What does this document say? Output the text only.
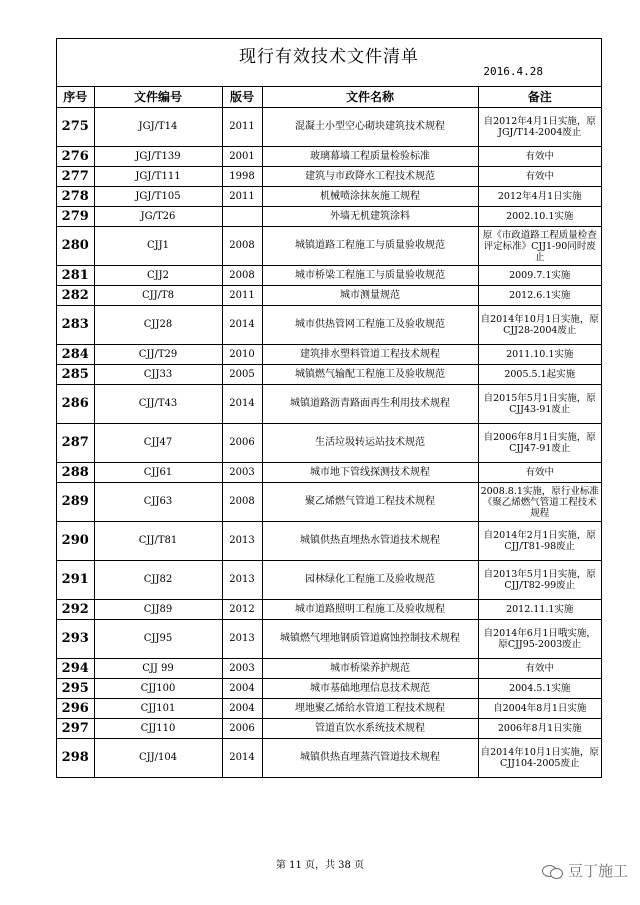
现行有效技术文件清单
2016.4.28
序号	文件编号	版号	文件名称	备注
275	JGJ/T14	2011	混凝土小型空心砌块建筑技术规程	自2012年4月1日实施，原JGJ/T14-2004废止
276	JGJ/T139	2001	玻璃幕墙工程质量检验标准	有效中
277	JGJ/T111	1998	建筑与市政降水工程技术规范	有效中
278	JGJ/T105	2011	机械喷涂抹灰施工规程	2012年4月1日实施
279	JG/T26		外墙无机建筑涂料	2002.10.1实施
280	CJJ1	2008	城镇道路工程施工与质量验收规范	原《市政道路工程质量检查评定标准》CJJ1-90同时废止
281	CJJ2	2008	城市桥梁工程施工与质量验收规范	2009.7.1实施
282	CJJ/T8	2011	城市测量规范	2012.6.1实施
283	CJJ28	2014	城市供热管网工程施工及验收规范	自2014年10月1日实施，原CJJ28-2004废止
284	CJJ/T29	2010	建筑排水塑料管道工程技术规程	2011.10.1实施
285	CJJ33	2005	城镇燃气输配工程施工及验收规范	2005.5.1起实施
286	CJJ/T43	2014	城镇道路沥青路面再生利用技术规程	自2015年5月1日实施，原CJJ43-91废止
287	CJJ47	2006	生活垃圾转运站技术规范	自2006年8月1日实施，原CJJ47-91废止
288	CJJ61	2003	城市地下管线探测技术规程	有效中
289	CJJ63	2008	聚乙烯燃气管道工程技术规程	2008.8.1实施，原行业标准《聚乙烯燃气管道工程技术规程
290	CJJ/T81	2013	城镇供热直埋热水管道技术规程	自2014年2月1日实施，原CJJ/T81-98废止
291	CJJ82	2013	园林绿化工程施工及验收规范	自2013年5月1日实施，原CJJ/T82-99废止
292	CJJ89	2012	城市道路照明工程施工及验收规程	2012.11.1实施
293	CJJ95	2013	城镇燃气埋地钢质管道腐蚀控制技术规程	自2014年6月1日哦实施，原CJJ95-2003废止
294	CJJ 99	2003	城市桥梁养护规范	有效中
295	CJJ100	2004	城市基础地理信息技术规范	2004.5.1实施
296	CJJ101	2004	埋地聚乙烯给水管道工程技术规程	自2004年8月1日实施
297	CJJ110	2006	管道直饮水系统技术规程	2006年8月1日实施
298	CJJ/104	2014	城镇供热直埋蒸汽管道技术规程	自2014年10月1日实施，原CJJ104-2005废止
第 11 页，共 38 页	豆丁施工
